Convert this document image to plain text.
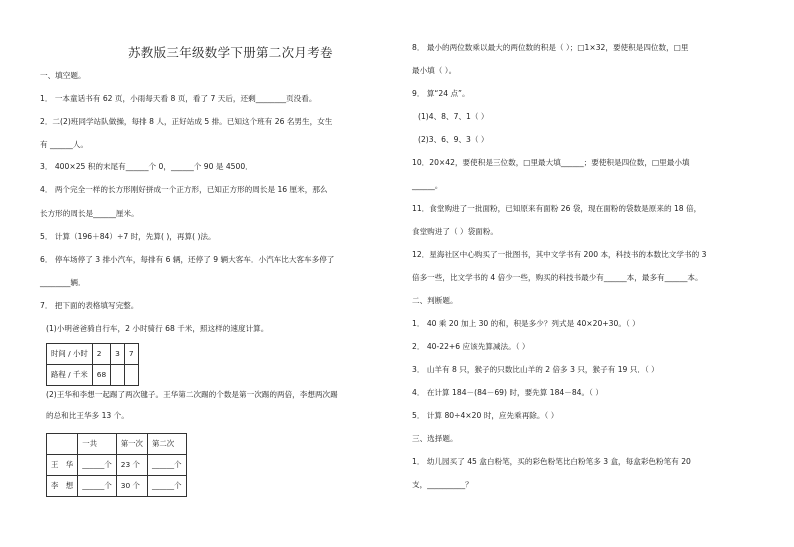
苏教版三年级数学下册第二次月考卷
一、填空题。
1． 一本童话书有 62 页，小雨每天看 8 页，看了 7 天后，还剩________页没看。
2．二(2)班同学站队做操，每排 8 人，正好站成 5 排。已知这个班有 26 名男生，女生
有 ______人。
3． 400×25 积的末尾有______个 0，______个 90 是 4500．
4． 两个完全一样的长方形刚好拼成一个正方形，已知正方形的周长是 16 厘米，那么
长方形的周长是______厘米。
5． 计算（196＋84）÷7 时，先算( )，再算( )法。
6． 停车场停了 3 排小汽车，每排有 6 辆，还停了 9 辆大客车．小汽车比大客车多停了
________辆．
7． 把下面的表格填写完整。
(1)小明爸爸骑自行车，2 小时骑行 68 千米，照这样的速度计算。
时间 / 小时	2	3	7
路程 / 千米	68		
(2)王华和李想一起踢了两次毽子。王华第二次踢的个数是第一次踢的两倍，李想两次踢
的总和比王华多 13 个。
	一共	第一次	第二次
王　华	______个	23 个	______个
李　想	______个	30 个	______个
8． 最小的两位数乘以最大的两位数的积是（ ）；□1×32，要使积是四位数，□里
最小填（ ）。
9． 算“24 点”。
(1)4、8、7、1（ ）
(2)3、6、9、3（ ）
10．20×42，要使积是三位数，□里最大填______；要使积是四位数，□里最小填
______。
11．食堂购进了一批面粉，已知原来有面粉 26 袋，现在面粉的袋数是原来的 18 倍，
食堂购进了（ ）袋面粉。
12．星海社区中心购买了一批图书，其中文学书有 200 本，科技书的本数比文学书的 3
倍多一些，比文学书的 4 倍少一些，购买的科技书最少有______本，最多有______本。
二、判断题。
1． 40 乘 20 加上 30 的和，积是多少？列式是 40×20+30。（ ）
2． 40-22+6 应该先算减法。（ ）
3． 山羊有 8 只，猴子的只数比山羊的 2 倍多 3 只，猴子有 19 只．（ ）
4． 在计算 184－(84－69) 时，要先算 184－84。（ ）
5． 计算 80÷4×20 时，应先乘再除。（ ）
三、选择题。
1． 幼儿园买了 45 盒白粉笔，买的彩色粉笔比白粉笔多 3 盒，每盒彩色粉笔有 20
支，__________？
